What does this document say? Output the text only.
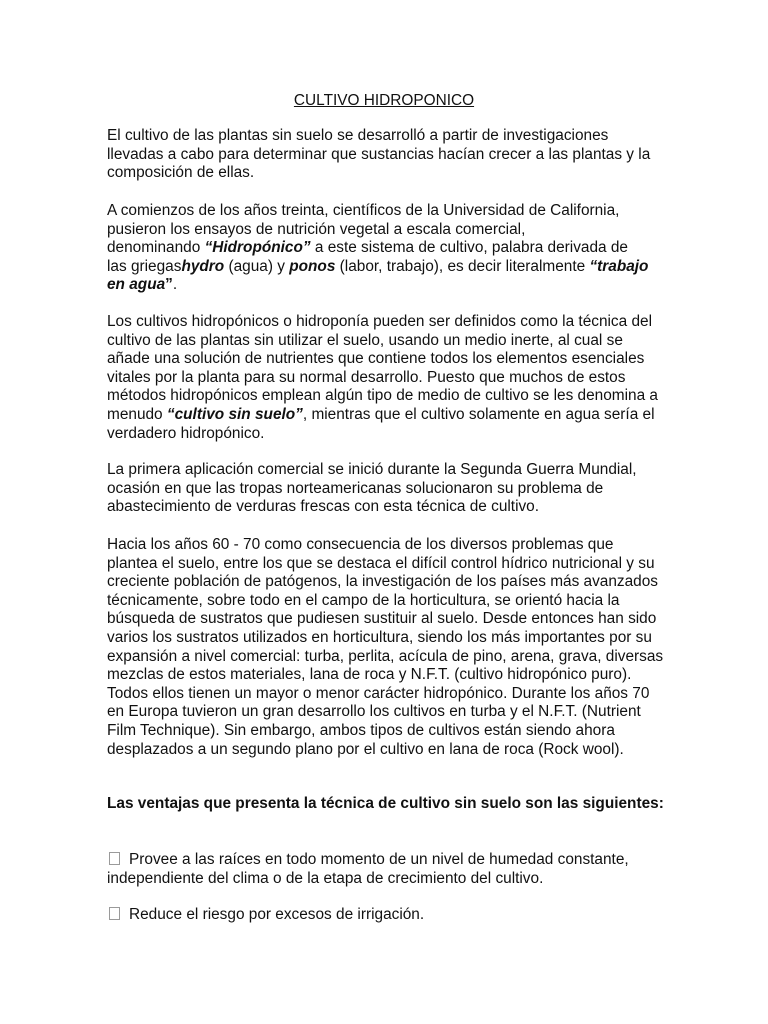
CULTIVO HIDROPONICO

El cultivo de las plantas sin suelo se desarrolló a partir de investigaciones llevadas a cabo para determinar que sustancias hacían crecer a las plantas y la composición de ellas.

A comienzos de los años treinta, científicos de la Universidad de California, pusieron los ensayos de nutrición vegetal a escala comercial,
denominando “Hidropónico” a este sistema de cultivo, palabra derivada de
las griegashydro (agua) y ponos (labor, trabajo), es decir literalmente “trabajo en agua”.

Los cultivos hidropónicos o hidroponía pueden ser definidos como la técnica del cultivo de las plantas sin utilizar el suelo, usando un medio inerte, al cual se añade una solución de nutrientes que contiene todos los elementos esenciales vitales por la planta para su normal desarrollo. Puesto que muchos de estos métodos hidropónicos emplean algún tipo de medio de cultivo se les denomina a menudo “cultivo sin suelo”, mientras que el cultivo solamente en agua sería el verdadero hidropónico.

La primera aplicación comercial se inició durante la Segunda Guerra Mundial, ocasión en que las tropas norteamericanas solucionaron su problema de abastecimiento de verduras frescas con esta técnica de cultivo.

Hacia los años 60 - 70 como consecuencia de los diversos problemas que plantea el suelo, entre los que se destaca el difícil control hídrico nutricional y su creciente población de patógenos, la investigación de los países más avanzados técnicamente, sobre todo en el campo de la horticultura, se orientó hacia la búsqueda de sustratos que pudiesen sustituir al suelo. Desde entonces han sido varios los sustratos utilizados en horticultura, siendo los más importantes por su expansión a nivel comercial: turba, perlita, acícula de pino, arena, grava, diversas mezclas de estos materiales, lana de roca y N.F.T. (cultivo hidropónico puro). Todos ellos tienen un mayor o menor carácter hidropónico. Durante los años 70 en Europa tuvieron un gran desarrollo los cultivos en turba y el N.F.T. (Nutrient Film Technique). Sin embargo, ambos tipos de cultivos están siendo ahora desplazados a un segundo plano por el cultivo en lana de roca (Rock wool).

Las ventajas que presenta la técnica de cultivo sin suelo son las siguientes:

Provee a las raíces en todo momento de un nivel de humedad constante, independiente del clima o de la etapa de crecimiento del cultivo.

Reduce el riesgo por excesos de irrigación.
